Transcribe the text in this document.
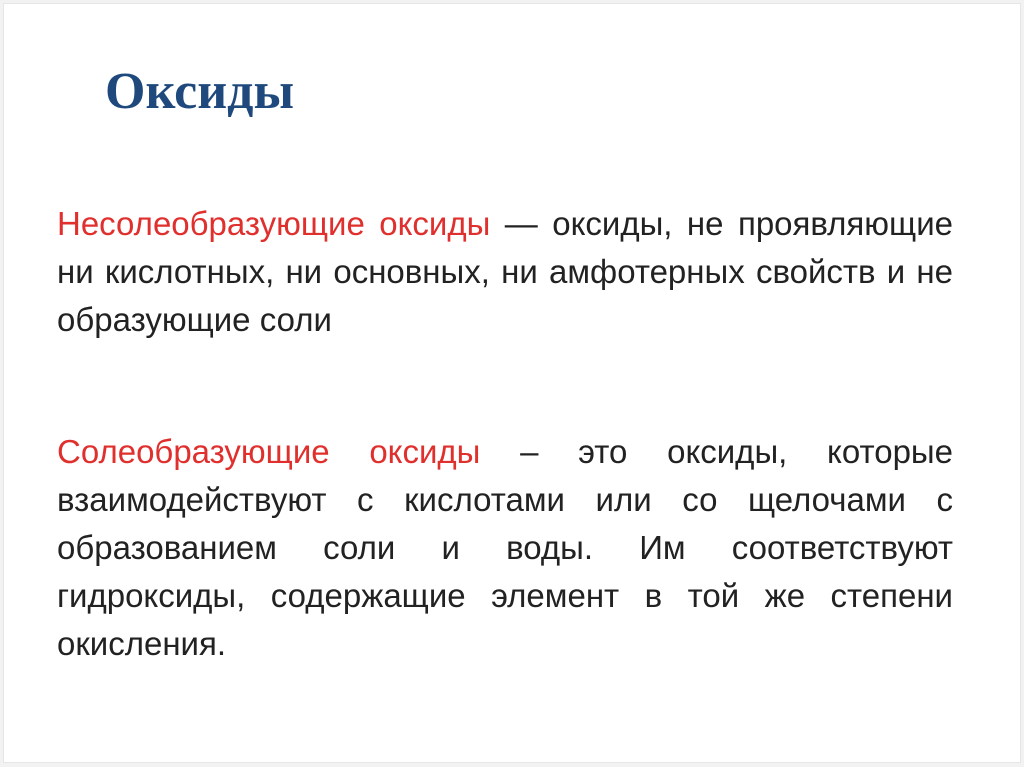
Оксиды

Несолеобразующие оксиды — оксиды, не проявляющие ни кислотных, ни основных, ни амфотерных свойств и не образующие соли

Солеобразующие оксиды – это оксиды, которые взаимодействуют с кислотами или со щелочами с образованием соли и воды. Им соответствуют гидроксиды, содержащие элемент в той же степени окисления.
